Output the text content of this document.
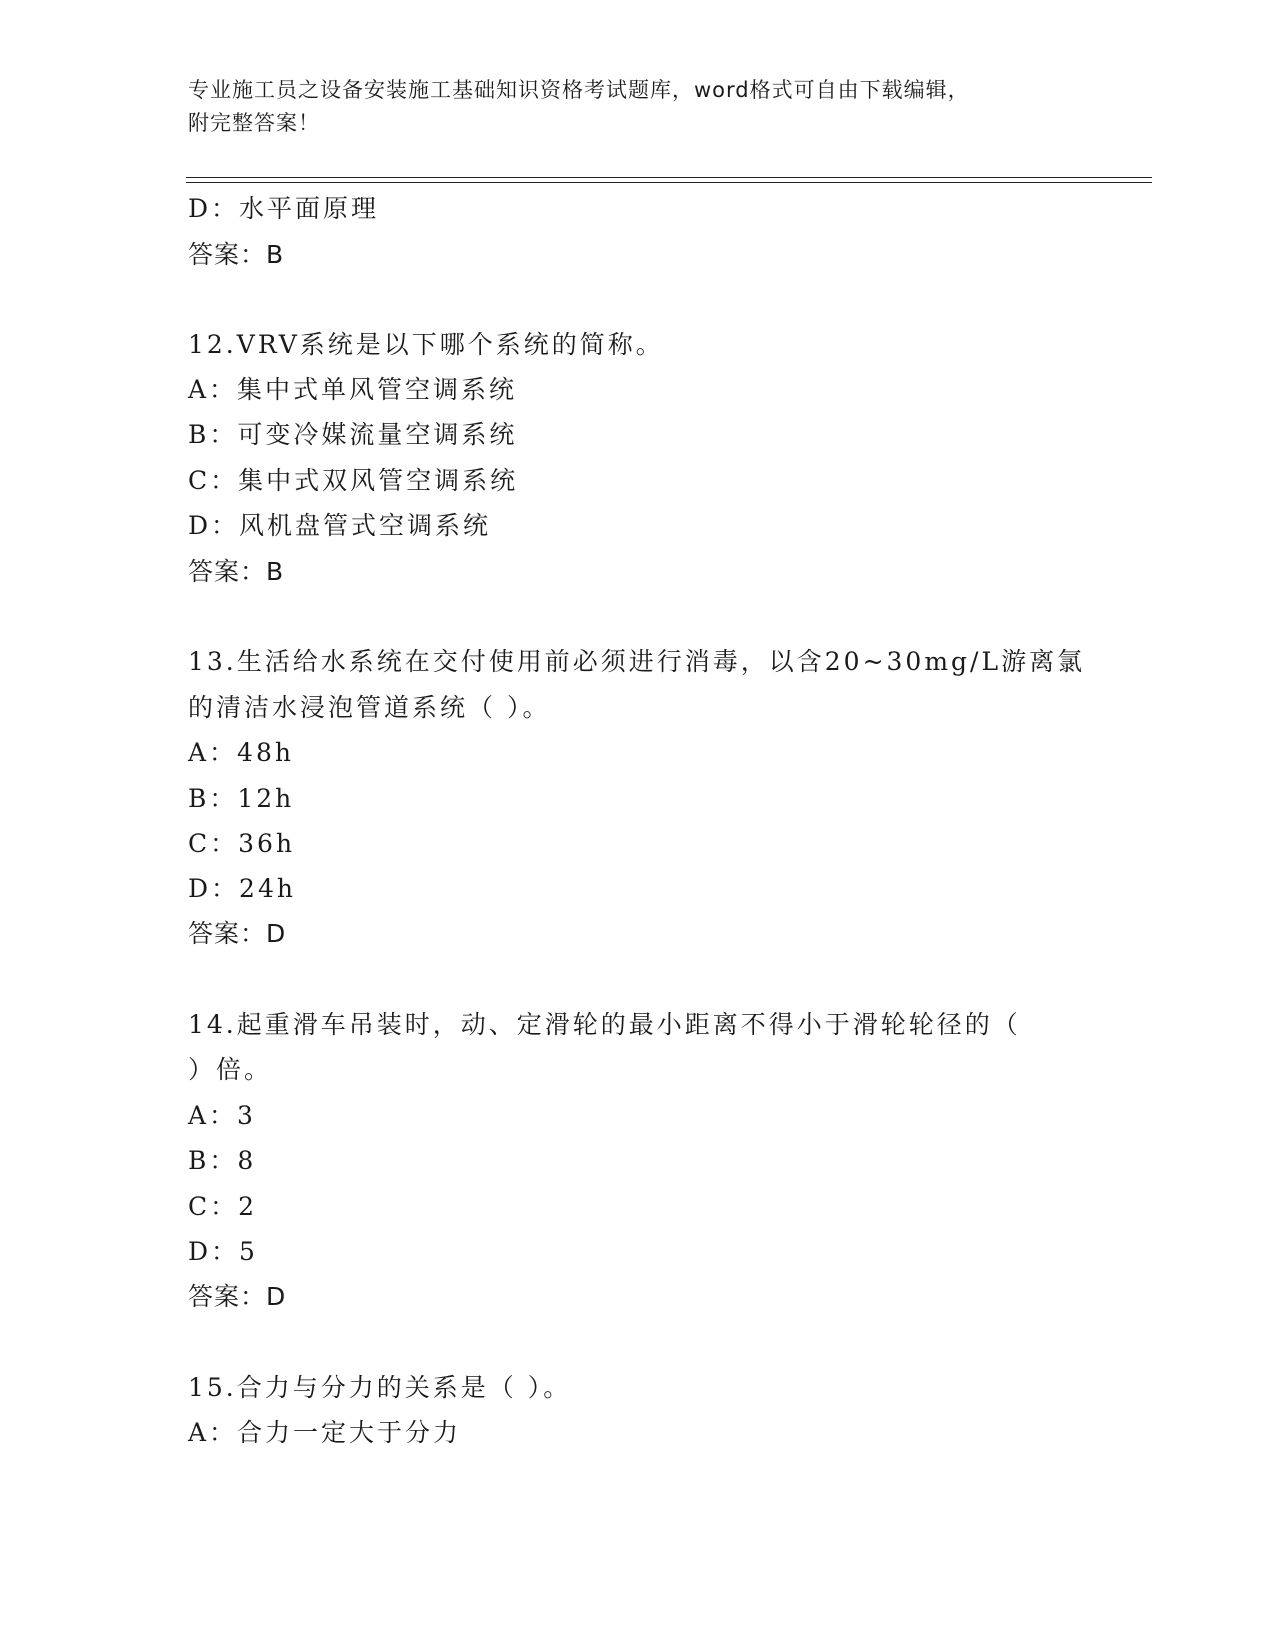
专业施工员之设备安装施工基础知识资格考试题库，word格式可自由下载编辑，
附完整答案！
D：水平面原理
答案：B
12.VRV系统是以下哪个系统的简称。
A：集中式单风管空调系统
B：可变冷媒流量空调系统
C：集中式双风管空调系统
D：风机盘管式空调系统
答案：B
13.生活给水系统在交付使用前必须进行消毒，以含20~30mg/L游离氯
的清洁水浸泡管道系统（ ）。
A：48h
B：12h
C：36h
D：24h
答案：D
14.起重滑车吊装时，动、定滑轮的最小距离不得小于滑轮轮径的（
）倍。
A：3
B：8
C：2
D：5
答案：D
15.合力与分力的关系是（ ）。
A：合力一定大于分力
